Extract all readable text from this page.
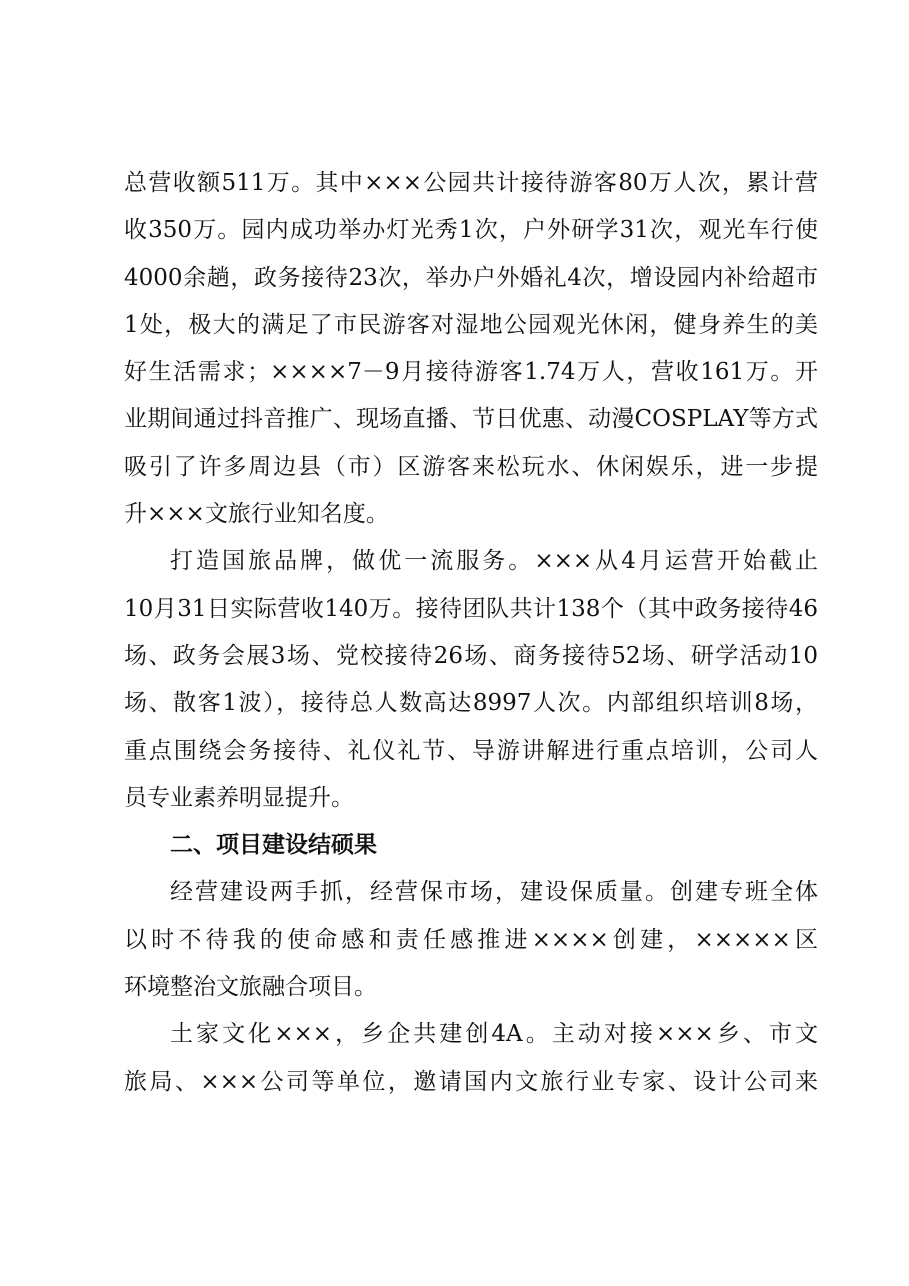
总营收额511万。其中×××公园共计接待游客80万人次，累计营
收350万。园内成功举办灯光秀1次，户外研学31次，观光车行使
4000余趟，政务接待23次，举办户外婚礼4次，增设园内补给超市
1处，极大的满足了市民游客对湿地公园观光休闲，健身养生的美
好生活需求；××××7－9月接待游客1.74万人，营收161万。开
业期间通过抖音推广、现场直播、节日优惠、动漫COSPLAY等方式
吸引了许多周边县（市）区游客来松玩水、休闲娱乐，进一步提
升×××文旅行业知名度。
打造国旅品牌，做优一流服务。×××从4月运营开始截止
10月31日实际营收140万。接待团队共计138个（其中政务接待46
场、政务会展3场、党校接待26场、商务接待52场、研学活动10
场、散客1波），接待总人数高达8997人次。内部组织培训8场，
重点围绕会务接待、礼仪礼节、导游讲解进行重点培训，公司人
员专业素养明显提升。
二、项目建设结硕果
经营建设两手抓，经营保市场，建设保质量。创建专班全体
以时不待我的使命感和责任感推进××××创建，×××××区
环境整治文旅融合项目。
土家文化×××，乡企共建创4A。主动对接×××乡、市文
旅局、×××公司等单位，邀请国内文旅行业专家、设计公司来
